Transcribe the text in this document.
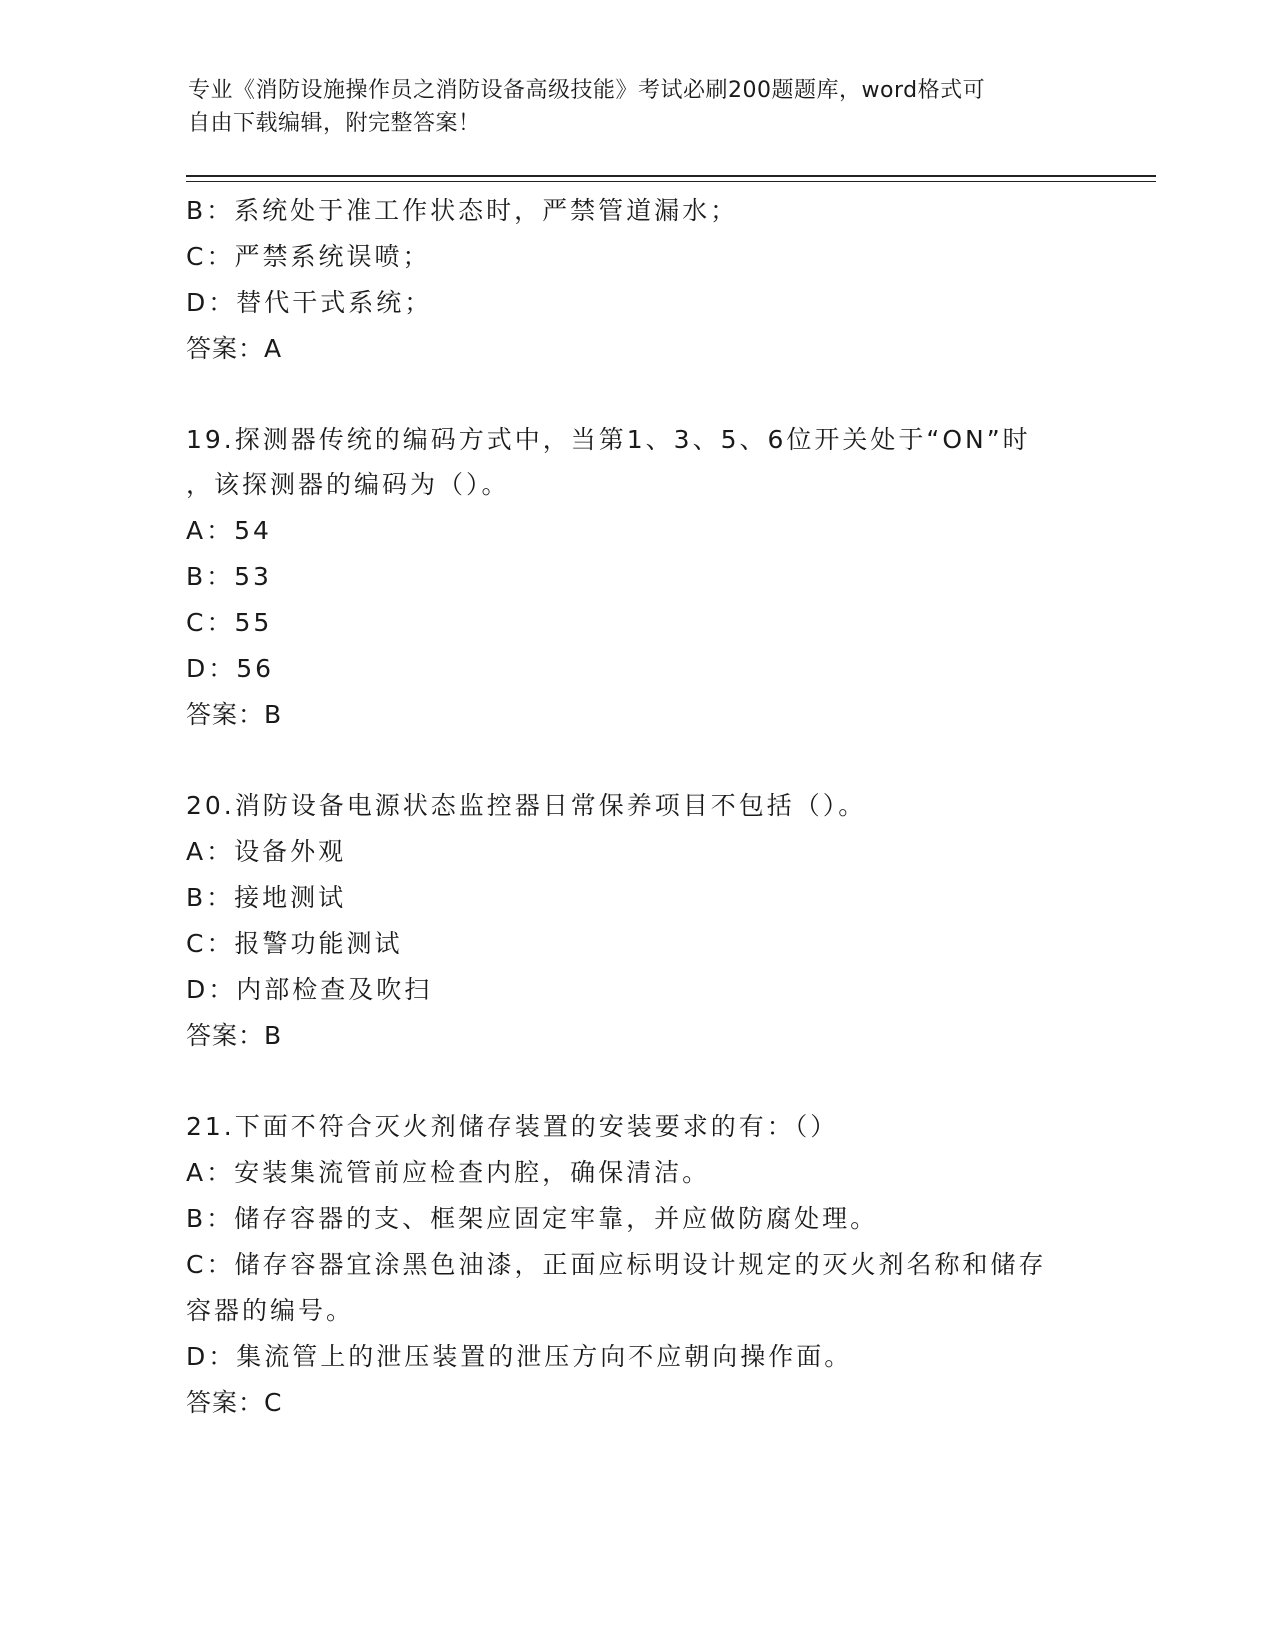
专业《消防设施操作员之消防设备高级技能》考试必刷200题题库，word格式可
自由下载编辑，附完整答案！
B：系统处于准工作状态时，严禁管道漏水；
C：严禁系统误喷；
D：替代干式系统；
答案：A
19.探测器传统的编码方式中，当第1、3、5、6位开关处于“ON”时
，该探测器的编码为（）。
A：54
B：53
C：55
D：56
答案：B
20.消防设备电源状态监控器日常保养项目不包括（）。
A：设备外观
B：接地测试
C：报警功能测试
D：内部检查及吹扫
答案：B
21.下面不符合灭火剂储存装置的安装要求的有：（）
A：安装集流管前应检查内腔，确保清洁。
B：储存容器的支、框架应固定牢靠，并应做防腐处理。
C：储存容器宜涂黑色油漆，正面应标明设计规定的灭火剂名称和储存
容器的编号。
D：集流管上的泄压装置的泄压方向不应朝向操作面。
答案：C
